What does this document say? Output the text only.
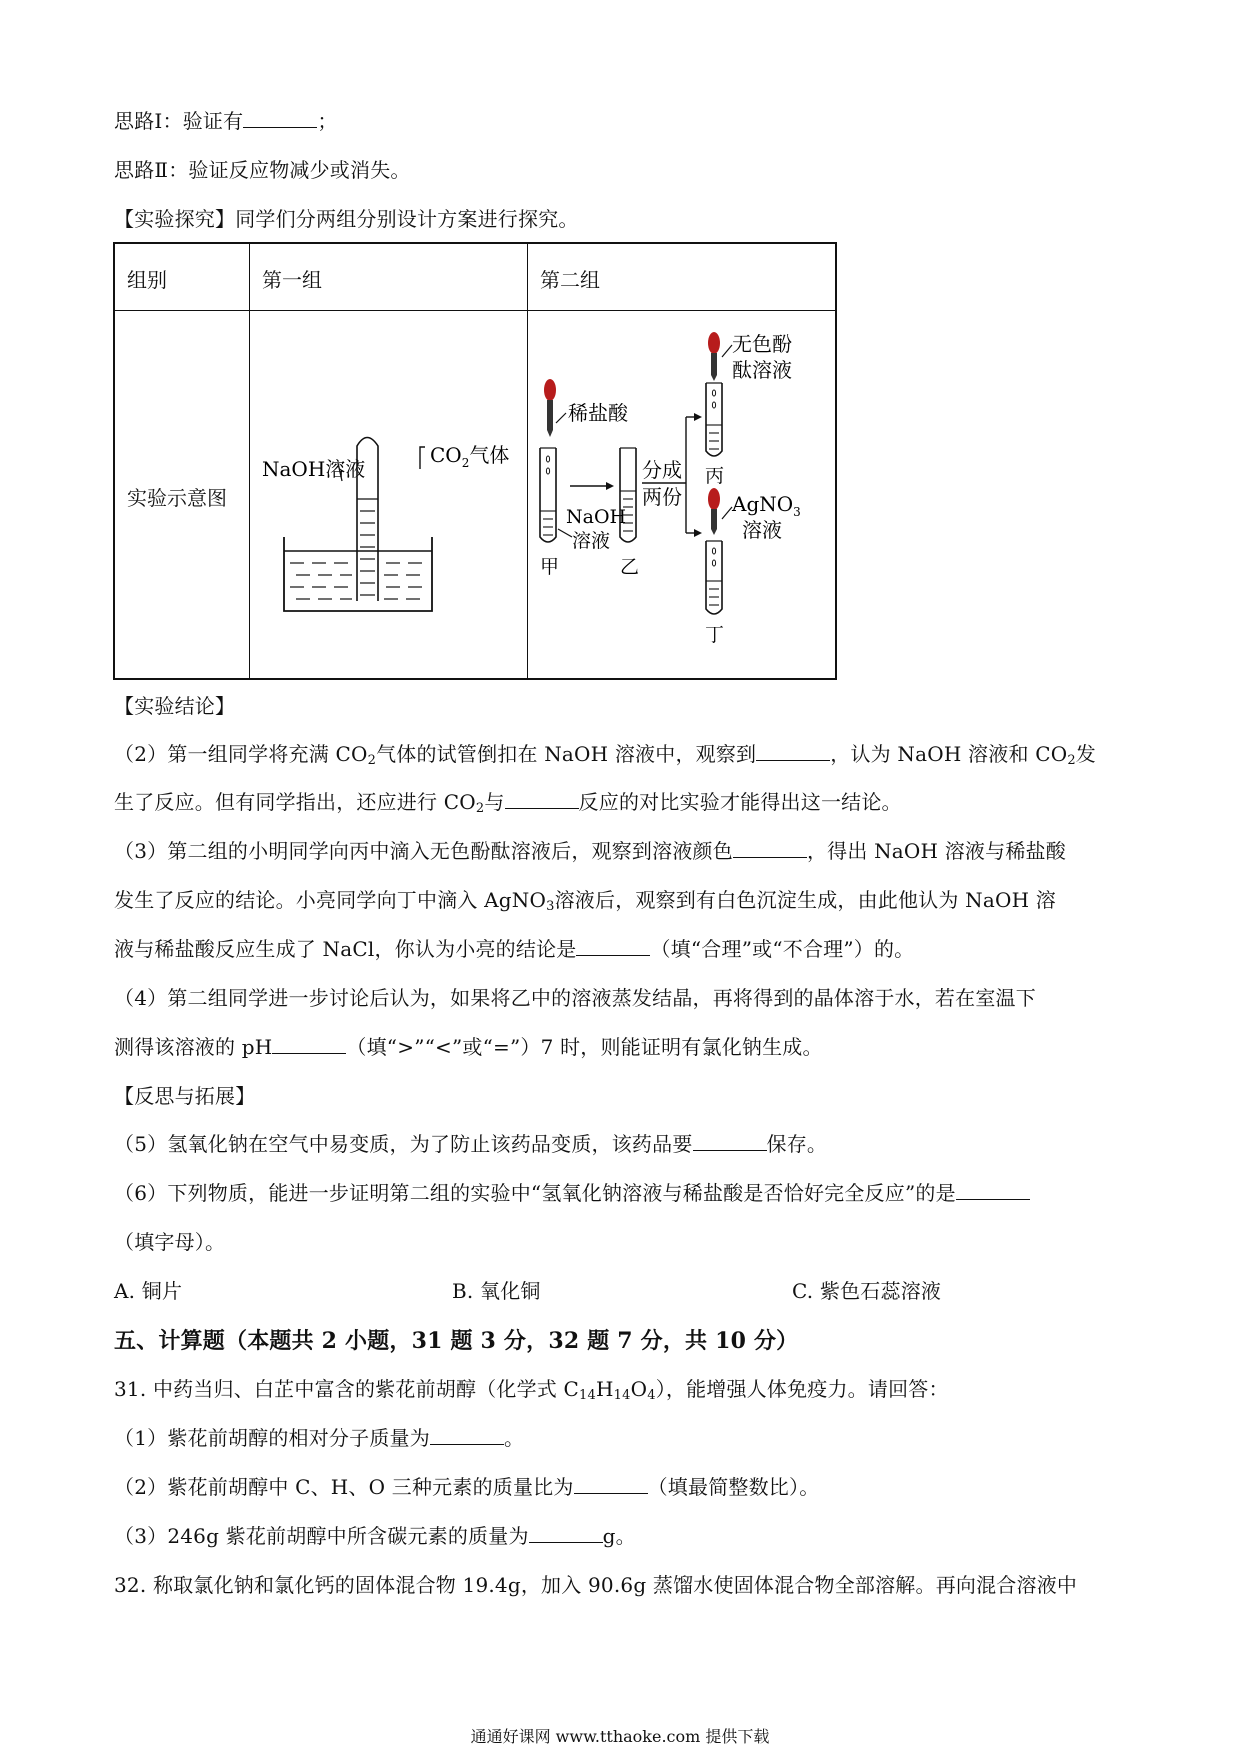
思路Ⅰ：验证有	；
思路Ⅱ：验证反应物减少或消失。
【实验探究】同学们分两组分别设计方案进行探究。
组别	第一组	第二组
实验示意图
NaOH溶液
$CO_2$气体
稀盐酸
甲
NaOH
溶液
乙
分成
两份
无色酚
酞溶液
丙
AgNO$_3$
溶液
丁
【实验结论】
（2）第一组同学将充满 $CO_2$气体的试管倒扣在 NaOH 溶液中，观察到	，认为 NaOH 溶液和 $CO_2$发
生了反应。但有同学指出，还应进行 $CO_2$与	反应的对比实验才能得出这一结论。
（3）第二组的小明同学向丙中滴入无色酚酞溶液后，观察到溶液颜色	，得出 NaOH 溶液与稀盐酸
发生了反应的结论。小亮同学向丁中滴入 AgNO$_3$溶液后，观察到有白色沉淀生成，由此他认为 NaOH 溶
液与稀盐酸反应生成了 NaCl，你认为小亮的结论是	（填“合理”或“不合理”）的。
（4）第二组同学进一步讨论后认为，如果将乙中的溶液蒸发结晶，再将得到的晶体溶于水，若在室温下
测得该溶液的 pH	（填“>”“<”或“=”）7 时，则能证明有氯化钠生成。
【反思与拓展】
（5）氢氧化钠在空气中易变质，为了防止该药品变质，该药品要	保存。
（6）下列物质，能进一步证明第二组的实验中“氢氧化钠溶液与稀盐酸是否恰好完全反应”的是
（填字母）。
A. 铜片	B. 氧化铜	C. 紫色石蕊溶液
五、计算题（本题共 2 小题，31 题 3 分，32 题 7 分，共 10 分）
31. 中药当归、白芷中富含的紫花前胡醇（化学式 $C_{14}H_{14}O_4$），能增强人体免疫力。请回答：
（1）紫花前胡醇的相对分子质量为	。
（2）紫花前胡醇中 C、H、O 三种元素的质量比为	（填最简整数比）。
（3）246g 紫花前胡醇中所含碳元素的质量为	g。
32. 称取氯化钠和氯化钙的固体混合物 19.4g，加入 90.6g 蒸馏水使固体混合物全部溶解。再向混合溶液中
通通好课网 www.tthaoke.com 提供下载
